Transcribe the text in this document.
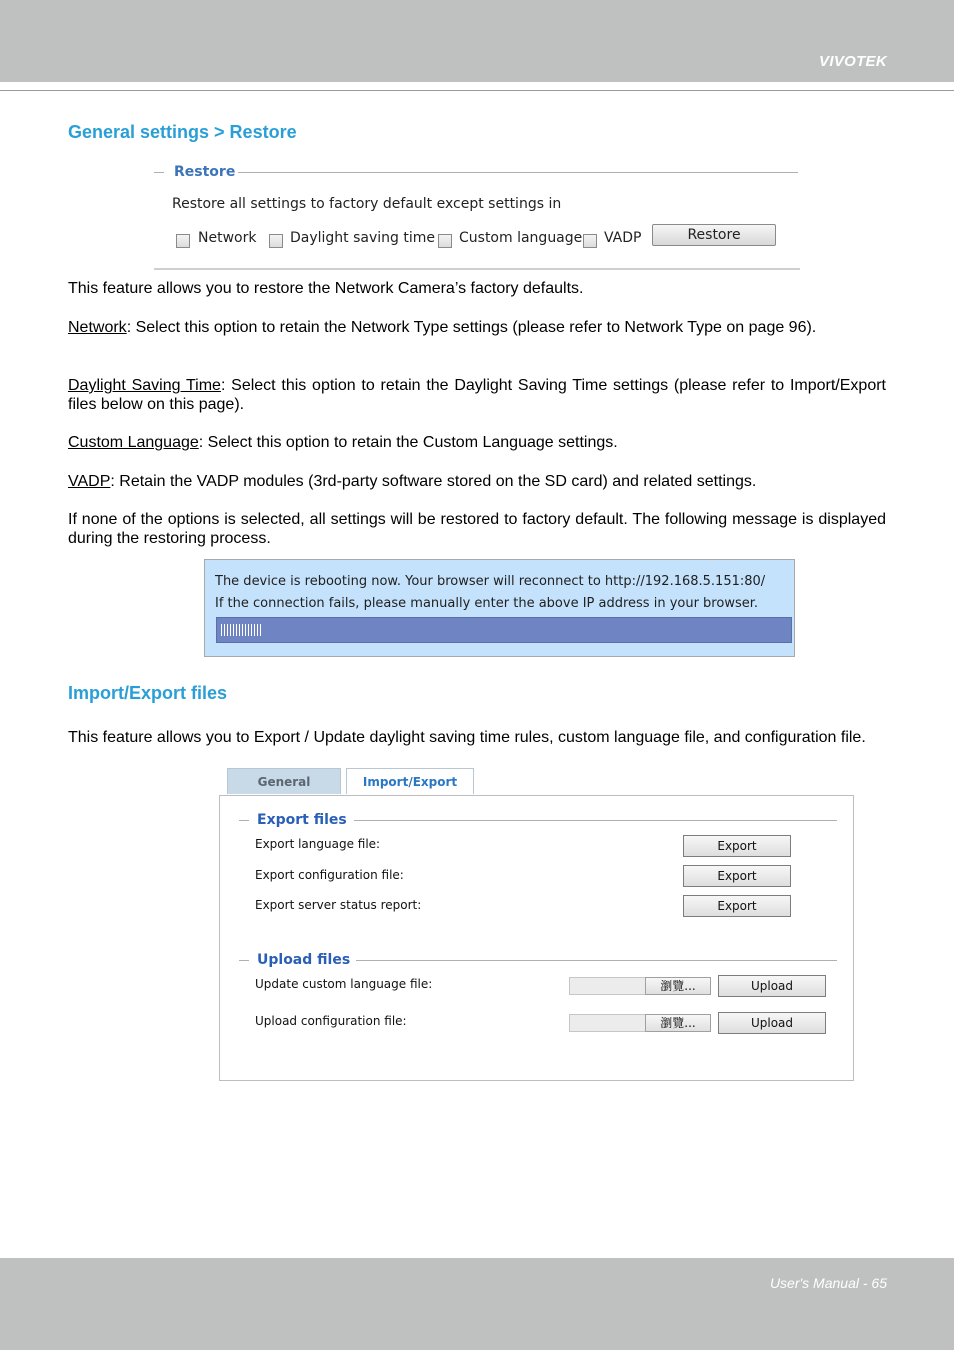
VIVOTEK
General settings > Restore
Restore
Restore all settings to factory default except settings in
Network Daylight saving time Custom language VADP	Restore

This feature allows you to restore the Network Camera’s factory defaults.

Network: Select this option to retain the Network Type settings (please refer to Network Type on page 96).

Daylight Saving Time: Select this option to retain the Daylight Saving Time settings (please refer to Import/Export files below on this page).

Custom Language: Select this option to retain the Custom Language settings.

VADP: Retain the VADP modules (3rd-party software stored on the SD card) and related settings.

If none of the options is selected, all settings will be restored to factory default. The following message is displayed during the restoring process.

The device is rebooting now. Your browser will reconnect to http://192.168.5.151:80/
If the connection fails, please manually enter the above IP address in your browser.
Import/Export files

This feature allows you to Export / Update daylight saving time rules, custom language file, and configuration file.

General	Import/Export
Export files
Export language file:	Export
Export configuration file:	Export
Export server status report:	Export
Upload files
Update custom language file:	瀏覽...	Upload
Upload configuration file:	瀏覽...	Upload
User's Manual - 65
